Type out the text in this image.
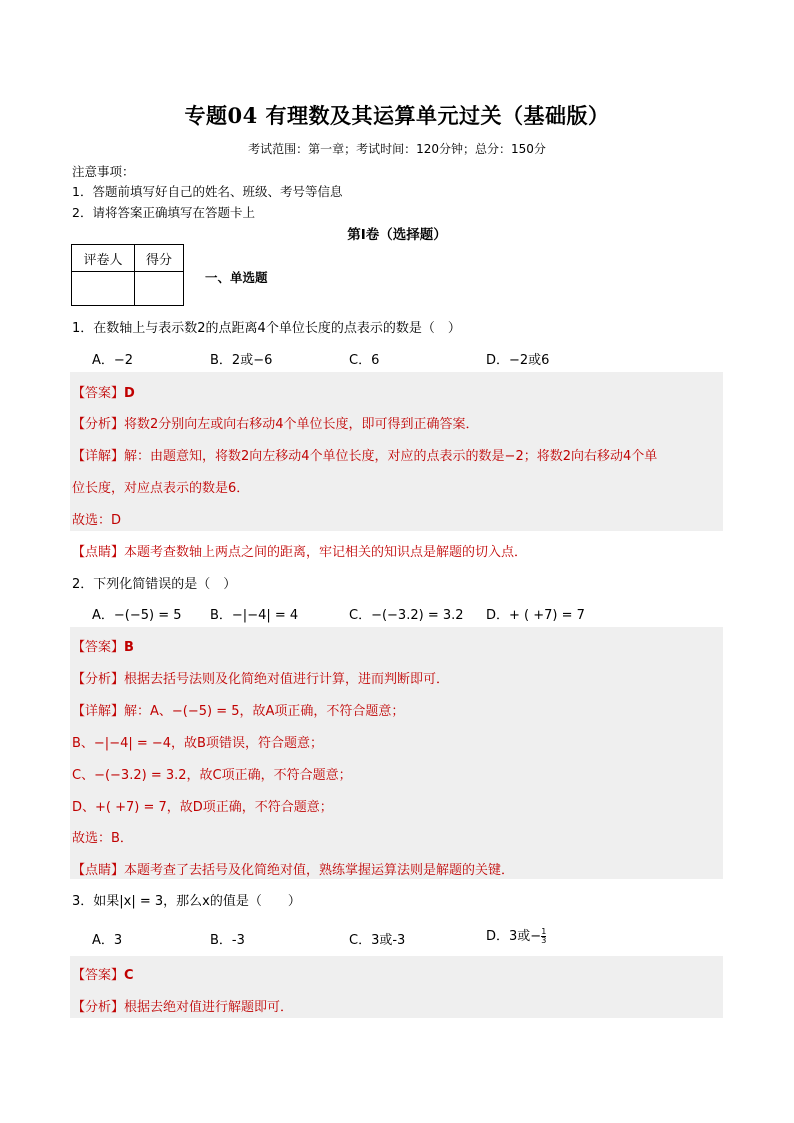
专题04 有理数及其运算单元过关（基础版）
考试范围：第一章；考试时间：120分钟；总分：150分
注意事项：
1．答题前填写好自己的姓名、班级、考号等信息
2．请将答案正确填写在答题卡上
第Ⅰ卷（选择题）
评卷人	得分

一、单选题
1．在数轴上与表示数2的点距离4个单位长度的点表示的数是（　）
A．−2	B．2或−6	C．6	D．−2或6
【答案】D
【分析】将数2分别向左或向右移动4个单位长度，即可得到正确答案．
【详解】解：由题意知，将数2向左移动4个单位长度，对应的点表示的数是−2；将数2向右移动4个单
位长度，对应点表示的数是6．
故选：D
【点睛】本题考查数轴上两点之间的距离，牢记相关的知识点是解题的切入点．
2．下列化简错误的是（　）
A．−(−5) = 5 B．−|−4| = 4	C．−(−3.2) = 3.2 D．+ ( +7) = 7
【答案】B
【分析】根据去括号法则及化简绝对值进行计算，进而判断即可．
【详解】解：A、−(−5) = 5，故A项正确，不符合题意；
B、−|−4| = −4，故B项错误，符合题意；
C、−(−3.2) = 3.2，故C项正确，不符合题意；
D、+( +7) = 7，故D项正确，不符合题意；
故选：B．
【点睛】本题考查了去括号及化简绝对值，熟练掌握运算法则是解题的关键．
3．如果|x| = 3，那么x的值是（　　）
A．3	B．-3	C．3或-3	D．3或− $\frac{1}{3}$
【答案】C
【分析】根据去绝对值进行解题即可．
